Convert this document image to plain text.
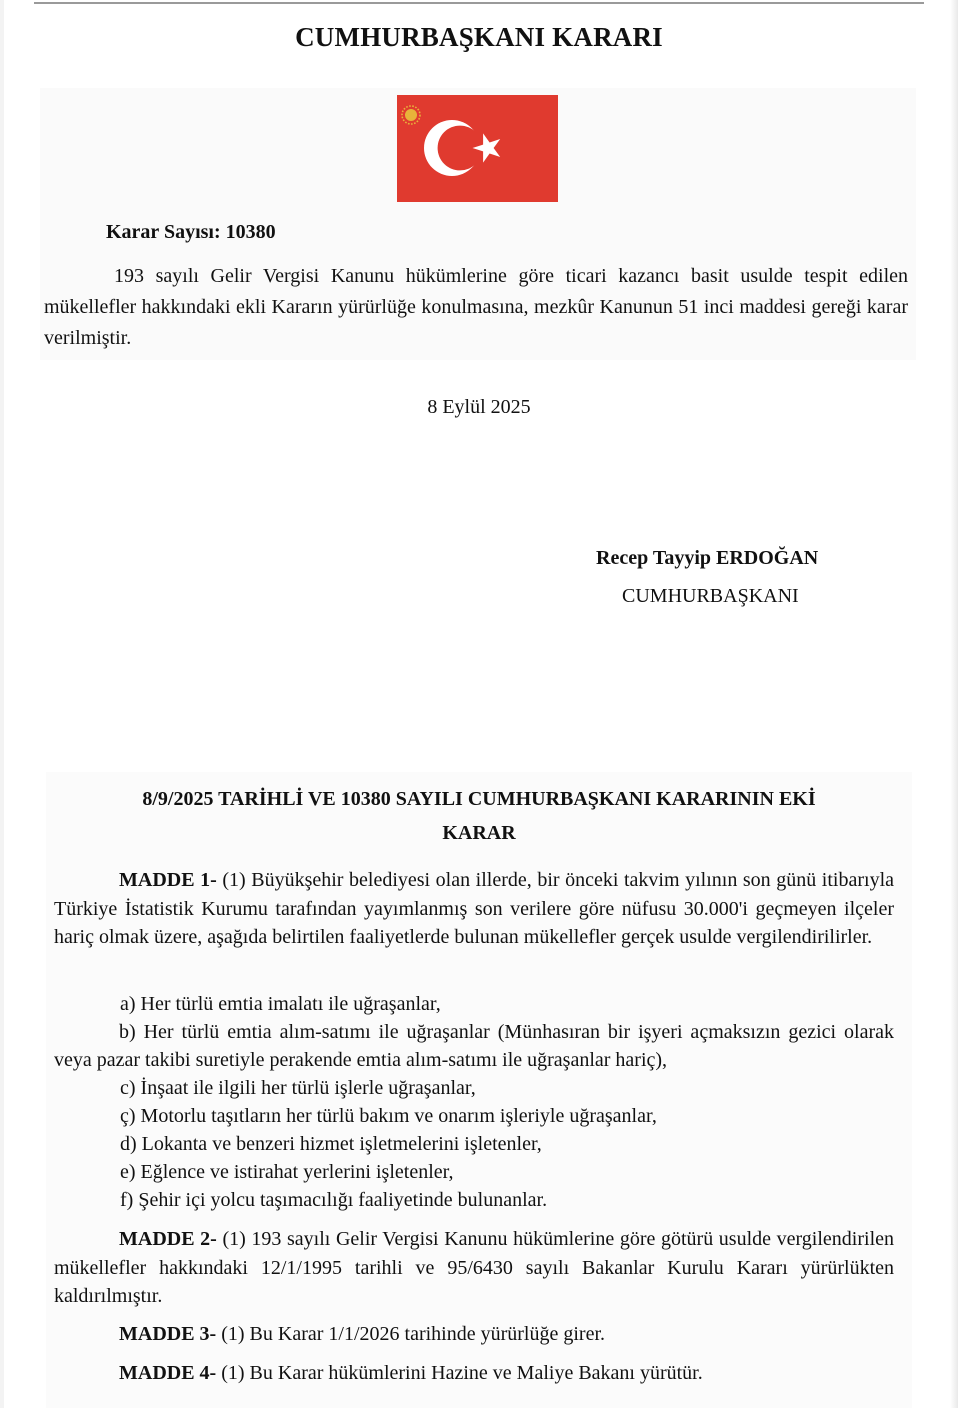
CUMHURBAŞKANI KARARI
Karar Sayısı: 10380
193 sayılı Gelir Vergisi Kanunu hükümlerine göre ticari kazancı basit usulde tespit edilen mükellefler hakkındaki ekli Kararın yürürlüğe konulmasına, mezkûr Kanunun 51 inci maddesi gereği karar verilmiştir.
8 Eylül 2025
Recep Tayyip ERDOĞAN
CUMHURBAŞKANI
8/9/2025 TARİHLİ VE 10380 SAYILI CUMHURBAŞKANI KARARININ EKİ
KARAR
MADDE 1- (1) Büyükşehir belediyesi olan illerde, bir önceki takvim yılının son günü itibarıyla Türkiye İstatistik Kurumu tarafından yayımlanmış son verilere göre nüfusu 30.000'i geçmeyen ilçeler hariç olmak üzere, aşağıda belirtilen faaliyetlerde bulunan mükellefler gerçek usulde vergilendirilirler.
a) Her türlü emtia imalatı ile uğraşanlar,
b) Her türlü emtia alım-satımı ile uğraşanlar (Münhasıran bir işyeri açmaksızın gezici olarak veya pazar takibi suretiyle perakende emtia alım-satımı ile uğraşanlar hariç),
c) İnşaat ile ilgili her türlü işlerle uğraşanlar,
ç) Motorlu taşıtların her türlü bakım ve onarım işleriyle uğraşanlar,
d) Lokanta ve benzeri hizmet işletmelerini işletenler,
e) Eğlence ve istirahat yerlerini işletenler,
f) Şehir içi yolcu taşımacılığı faaliyetinde bulunanlar.
MADDE 2- (1) 193 sayılı Gelir Vergisi Kanunu hükümlerine göre götürü usulde vergilendirilen mükellefler hakkındaki 12/1/1995 tarihli ve 95/6430 sayılı Bakanlar Kurulu Kararı yürürlükten kaldırılmıştır.
MADDE 3- (1) Bu Karar 1/1/2026 tarihinde yürürlüğe girer.
MADDE 4- (1) Bu Karar hükümlerini Hazine ve Maliye Bakanı yürütür.
